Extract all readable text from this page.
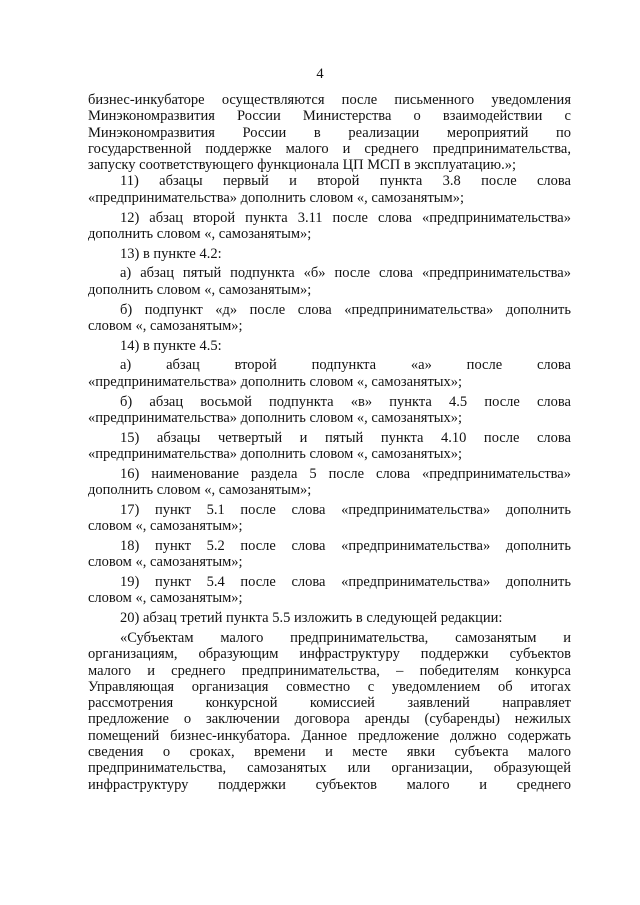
4
бизнес-инкубаторе осуществляются после письменного уведомления
Минэкономразвития России Министерства о взаимодействии с
Минэкономразвития России в реализации мероприятий по
государственной поддержке малого и среднего предпринимательства,
запуску соответствующего функционала ЦП МСП в эксплуатацию.»;
11) абзацы первый и второй пункта 3.8 после слова
«предпринимательства» дополнить словом «, самозанятым»;
12) абзац второй пункта 3.11 после слова «предпринимательства»
дополнить словом «, самозанятым»;
13) в пункте 4.2:
а) абзац пятый подпункта «б» после слова «предпринимательства»
дополнить словом «, самозанятым»;
б) подпункт «д» после слова «предпринимательства» дополнить
словом «, самозанятым»;
14) в пункте 4.5:
а) абзац второй подпункта «а» после слова
«предпринимательства» дополнить словом «, самозанятых»;
б) абзац восьмой подпункта «в» пункта 4.5 после слова
«предпринимательства» дополнить словом «, самозанятых»;
15) абзацы четвертый и пятый пункта 4.10 после слова
«предпринимательства» дополнить словом «, самозанятых»;
16) наименование раздела 5 после слова «предпринимательства»
дополнить словом «, самозанятым»;
17) пункт 5.1 после слова «предпринимательства» дополнить
словом «, самозанятым»;
18) пункт 5.2 после слова «предпринимательства» дополнить
словом «, самозанятым»;
19) пункт 5.4 после слова «предпринимательства» дополнить
словом «, самозанятым»;
20) абзац третий пункта 5.5 изложить в следующей редакции:
«Субъектам малого предпринимательства, самозанятым и
организациям, образующим инфраструктуру поддержки субъектов
малого и среднего предпринимательства, – победителям конкурса
Управляющая организация совместно с уведомлением об итогах
рассмотрения конкурсной комиссией заявлений направляет
предложение о заключении договора аренды (субаренды) нежилых
помещений бизнес-инкубатора. Данное предложение должно содержать
сведения о сроках, времени и месте явки субъекта малого
предпринимательства, самозанятых или организации, образующей
инфраструктуру поддержки субъектов малого и среднего
